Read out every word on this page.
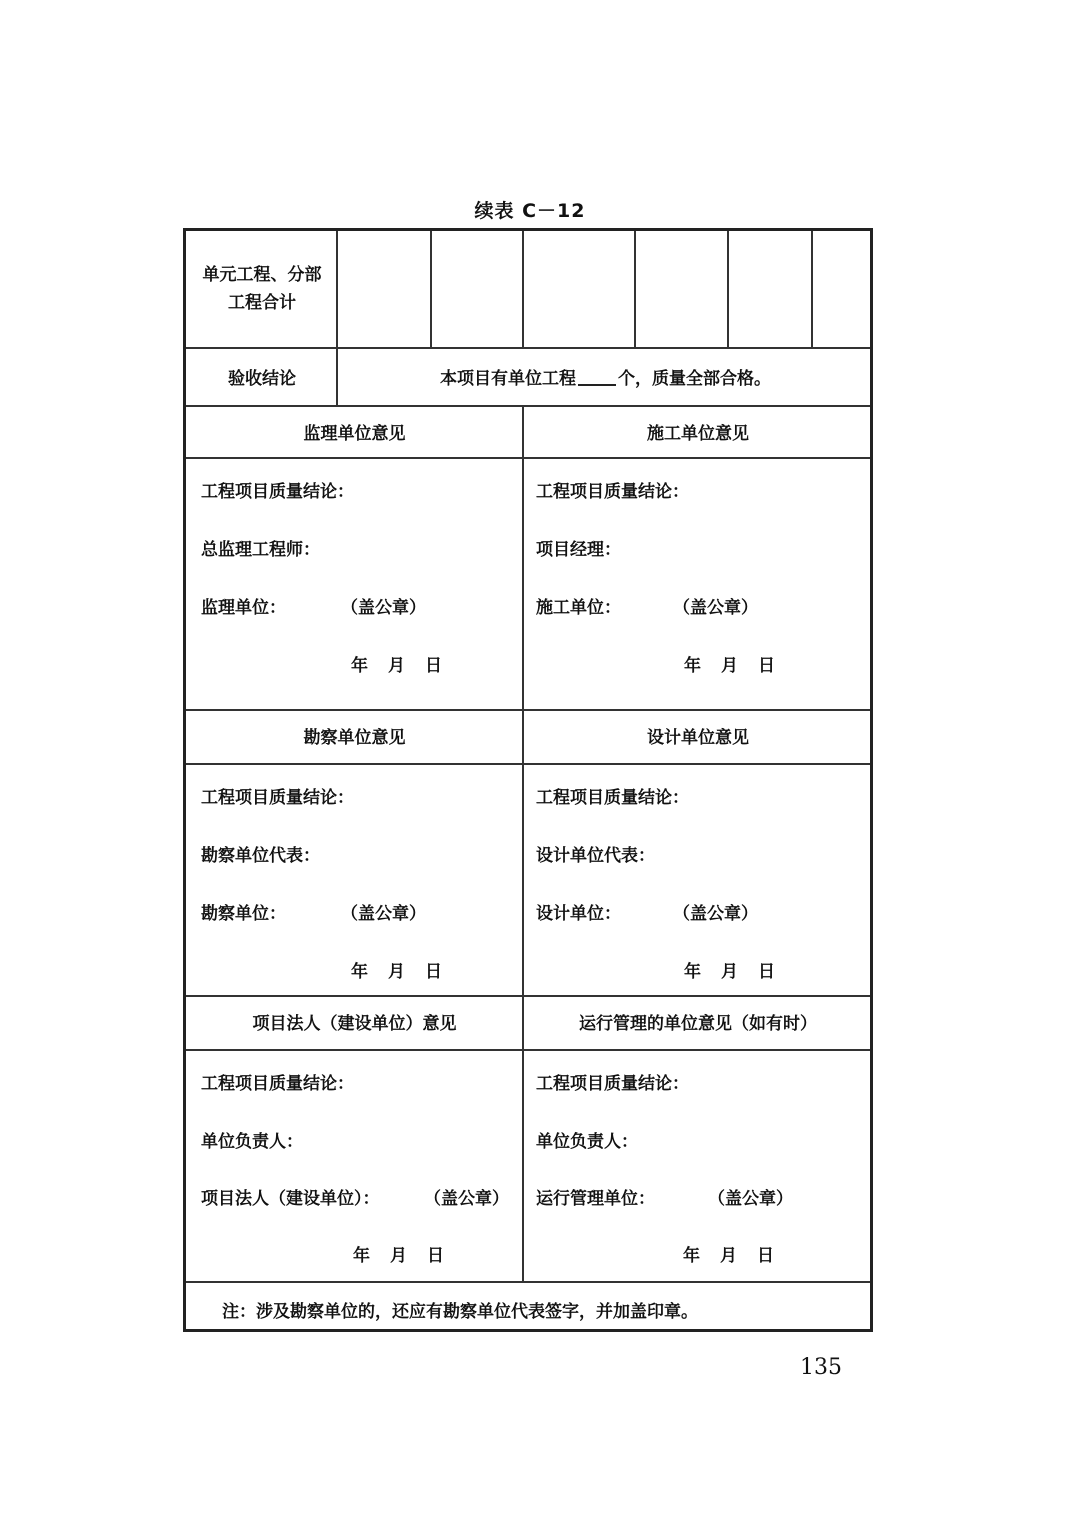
续表 C－12
单元工程、分部
工程合计
验收结论	本项目有单位工程 个，质量全部合格。
监理单位意见	施工单位意见
工程项目质量结论：
总监理工程师：
监理单位：	（盖公章）
年 月 日
工程项目质量结论：
项目经理：
施工单位：	（盖公章）
年 月 日
勘察单位意见	设计单位意见
工程项目质量结论：
勘察单位代表：
勘察单位：	（盖公章）
年 月 日
工程项目质量结论：
设计单位代表：
设计单位：	（盖公章）
年 月 日
项目法人（建设单位）意见	运行管理的单位意见（如有时）
工程项目质量结论：
单位负责人：
项目法人（建设单位）：	（盖公章）
年 月 日
工程项目质量结论：
单位负责人：
运行管理单位：	（盖公章）
年 月 日
注：涉及勘察单位的，还应有勘察单位代表签字，并加盖印章。
135
